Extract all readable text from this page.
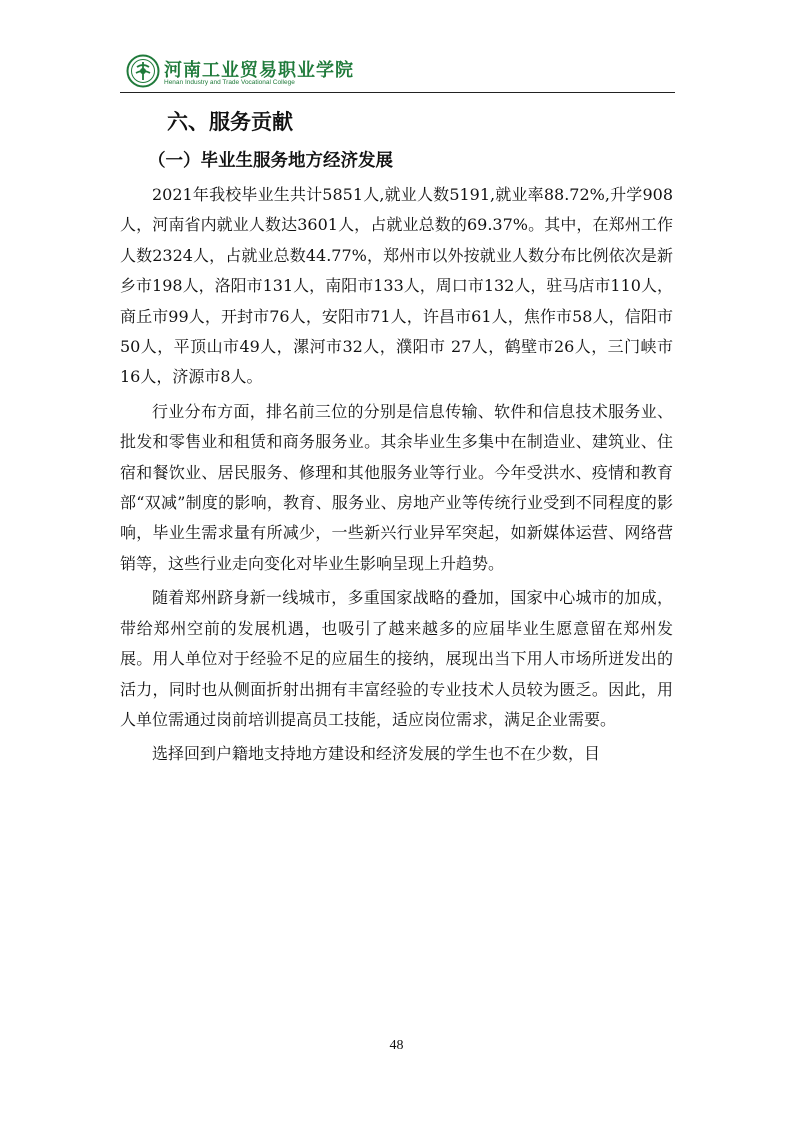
河南工业贸易职业学院
Henan Industry and Trade Vocational College
六、服务贡献
（一）毕业生服务地方经济发展

2021年我校毕业生共计5851人,就业人数5191,就业率88.72%,升学908人，河南省内就业人数达3601人，占就业总数的69.37%。其中，在郑州工作人数2324人，占就业总数44.77%，郑州市以外按就业人数分布比例依次是新乡市198人，洛阳市131人，南阳市133人，周口市132人，驻马店市110人，商丘市99人，开封市76人，安阳市71人，许昌市61人，焦作市58人，信阳市50人，平顶山市49人，漯河市32人，濮阳市 27人，鹤壁市26人，三门峡市16人，济源市8人。

行业分布方面，排名前三位的分别是信息传输、软件和信息技术服务业、批发和零售业和租赁和商务服务业。其余毕业生多集中在制造业、建筑业、住宿和餐饮业、居民服务、修理和其他服务业等行业。今年受洪水、疫情和教育部“双减”制度的影响，教育、服务业、房地产业等传统行业受到不同程度的影响，毕业生需求量有所减少，一些新兴行业异军突起，如新媒体运营、网络营销等，这些行业走向变化对毕业生影响呈现上升趋势。

随着郑州跻身新一线城市，多重国家战略的叠加，国家中心城市的加成，带给郑州空前的发展机遇，也吸引了越来越多的应届毕业生愿意留在郑州发展。用人单位对于经验不足的应届生的接纳，展现出当下用人市场所迸发出的活力，同时也从侧面折射出拥有丰富经验的专业技术人员较为匮乏。因此，用人单位需通过岗前培训提高员工技能，适应岗位需求，满足企业需要。

选择回到户籍地支持地方建设和经济发展的学生也不在少数，目

48
